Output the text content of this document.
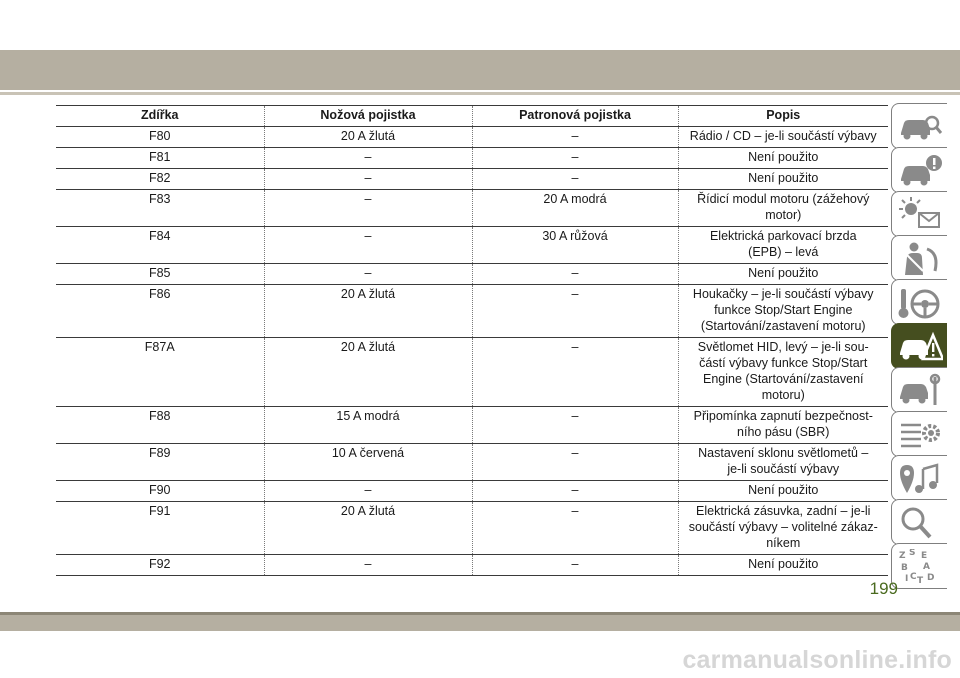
Zdířka	Nožová pojistka	Patronová pojistka	Popis
F80	20 A žlutá	–	Rádio / CD – je-li součástí výbavy

F81	–	–	Není použito

F82	–	–	Není použito

F83	–	20 A modrá	Řídicí modul motoru (zážehový
motor)

F84	–	30 A růžová	Elektrická parkovací brzda
(EPB) – levá

F85	–	–	Není použito

F86	20 A žlutá	–	Houkačky – je-li součástí výbavy
funkce Stop/Start Engine
(Startování/zastavení motoru)

F87A	20 A žlutá	–	Světlomet HID, levý – je-li sou-
částí výbavy funkce Stop/Start
Engine (Startování/zastavení
motoru)

F88	15 A modrá	–	Připomínka zapnutí bezpečnost-
ního pásu (SBR)

F89	10 A červená	–	Nastavení sklonu světlometů –
je-li součástí výbavy

F90	–	–	Není použito

F91	20 A žlutá	–	Elektrická zásuvka, zadní – je-li
součástí výbavy – volitelné zákaz-
níkem

F92	–	–	Není použito
Z S E
B A
I C T D
199
carmanualsonline.info
